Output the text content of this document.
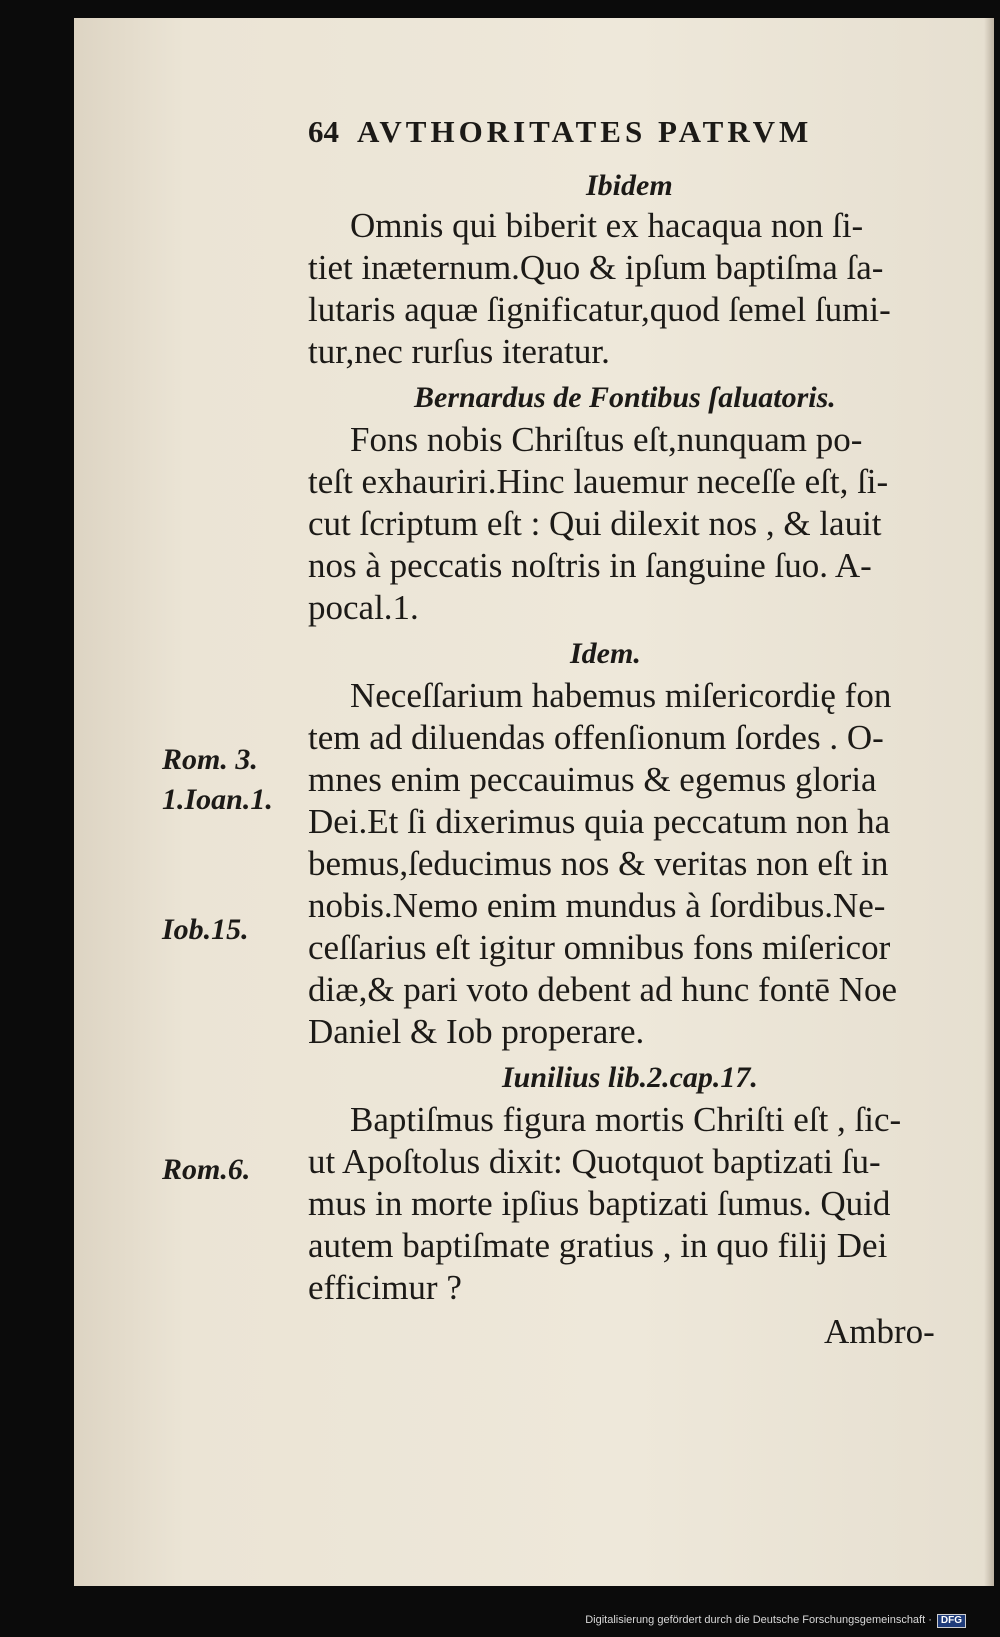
64 AVTHORITATES PATRVM
Ibidem
Omnis qui biberit ex hacaqua non ſi-
tiet inæternum.Quo & ipſum baptiſma ſa-
lutaris aquæ ſignificatur,quod ſemel ſumi-
tur,nec rurſus iteratur.
Bernardus de Fontibus ſaluatoris.
Fons nobis Chriſtus eſt,nunquam po-
teſt exhauriri.Hinc lauemur neceſſe eſt, ſi-
cut ſcriptum eſt : Qui dilexit nos , & lauit
nos à peccatis noſtris in ſanguine ſuo. A-
pocal.1.
Idem.
Neceſſarium habemus miſericordię fon
tem ad diluendas offenſionum ſordes . O-
mnes enim peccauimus & egemus gloria
Dei.Et ſi dixerimus quia peccatum non ha
bemus,ſeducimus nos & veritas non eſt in
nobis.Nemo enim mundus à ſordibus.Ne-
ceſſarius eſt igitur omnibus fons miſericor
diæ,& pari voto debent ad hunc fontē Noe
Daniel & Iob properare.
Iunilius lib.2.cap.17.
Baptiſmus figura mortis Chriſti eſt , ſic-
ut Apoſtolus dixit: Quotquot baptizati ſu-
mus in morte ipſius baptizati ſumus. Quid
autem baptiſmate gratius , in quo filij Dei
efficimur ?
Ambro-
Rom. 3.
1.Ioan.1.
Iob.15.
Rom.6.
Digitalisierung gefördert durch die Deutsche Forschungsgemeinschaft · DFG
